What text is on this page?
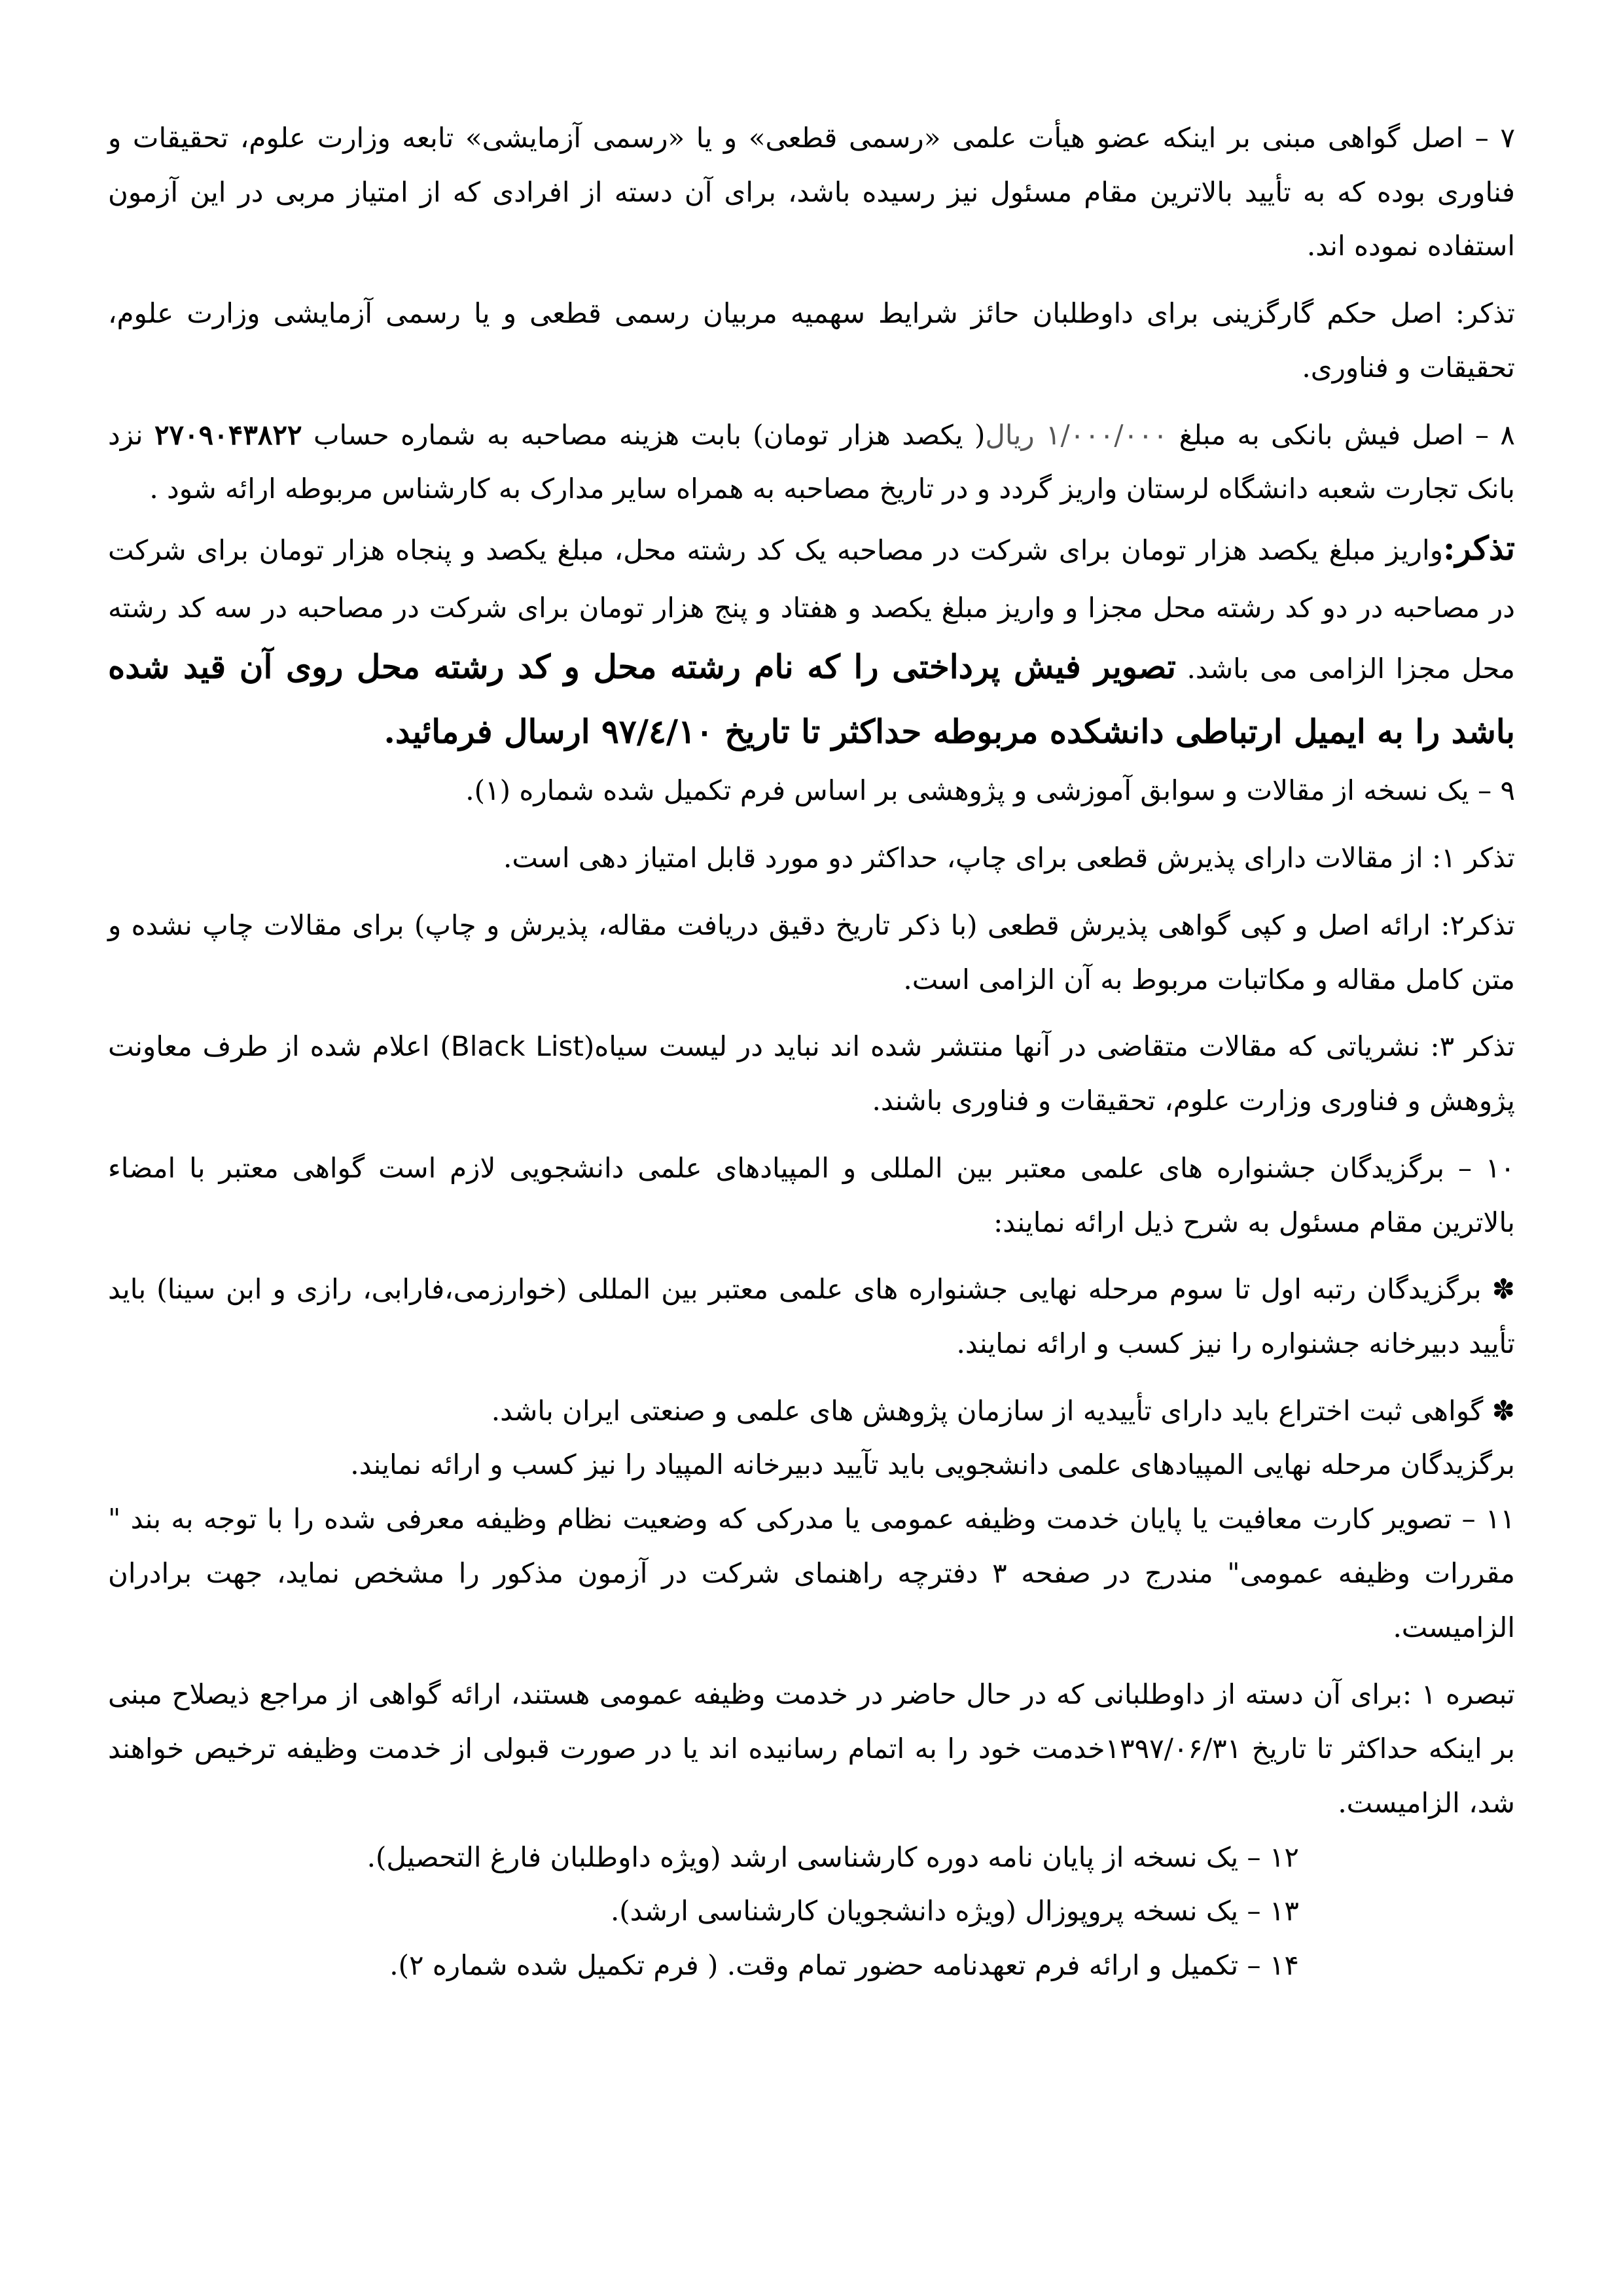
۷ – اصل گواهی مبنی بر اینکه عضو هیأت علمی «رسمی قطعی» و یا «رسمی آزمایشی» تابعه وزارت علوم، تحقیقات و فناوری بوده که به تأیید بالاترین مقام مسئول نیز رسیده باشد، برای آن دسته از افرادی که از امتیاز مربی در این آزمون استفاده نموده اند.

تذکر: اصل حکم گارگزینی برای داوطلبان حائز شرایط سهمیه مربیان رسمی قطعی و یا رسمی آزمایشی وزارت علوم، تحقیقات و فناوری.

۸ – اصل فیش بانکی به مبلغ ۱/۰۰۰/۰۰۰ ریال( یکصد هزار تومان) بابت هزینه مصاحبه به شماره حساب ۲۷۰۹۰۴۳۸۲۲ نزد بانک تجارت شعبه دانشگاه لرستان واریز گردد و در تاریخ مصاحبه به همراه سایر مدارک به کارشناس مربوطه ارائه شود .

تذکر:واریز مبلغ یکصد هزار تومان برای شرکت در مصاحبه یک کد رشته محل، مبلغ یکصد و پنجاه هزار تومان برای شرکت در مصاحبه در دو کد رشته محل مجزا و واریز مبلغ یکصد و هفتاد و پنج هزار تومان برای شرکت در مصاحبه در سه کد رشته محل مجزا الزامی می باشد. تصویر فیش پرداختی را که نام رشته محل و کد رشته محل روی آن قید شده باشد را به ایمیل ارتباطی دانشکده مربوطه حداکثر تا تاریخ ۹۷/٤/۱۰ ارسال فرمائید.

۹ – یک نسخه از مقالات و سوابق آموزشی و پژوهشی بر اساس فرم تکمیل شده شماره (۱).

تذکر ۱: از مقالات دارای پذیرش قطعی برای چاپ، حداکثر دو مورد قابل امتیاز دهی است.

تذکر۲: ارائه اصل و کپی گواهی پذیرش قطعی (با ذکر تاریخ دقیق دریافت مقاله، پذیرش و چاپ) برای مقالات چاپ نشده و متن کامل مقاله و مکاتبات مربوط به آن الزامی است.

تذکر ۳: نشریاتی که مقالات متقاضی در آنها منتشر شده اند نباید در لیست سیاه(Black List) اعلام شده از طرف معاونت پژوهش و فناوری وزارت علوم، تحقیقات و فناوری باشند.

۱۰ – برگزیدگان جشنواره های علمی معتبر بین المللی و المپیادهای علمی دانشجویی لازم است گواهی معتبر با امضاء بالاترین مقام مسئول به شرح ذیل ارائه نمایند:

✽ برگزیدگان رتبه اول تا سوم مرحله نهایی جشنواره های علمی معتبر بین المللی (خوارزمی،فارابی، رازی و ابن سینا) باید تأیید دبیرخانه جشنواره را نیز کسب و ارائه نمایند.

✽ گواهی ثبت اختراع باید دارای تأییدیه از سازمان پژوهش های علمی و صنعتی ایران باشد.

برگزیدگان مرحله نهایی المپیادهای علمی دانشجویی باید تآیید دبیرخانه المپیاد را نیز کسب و ارائه نمایند.

۱۱ – تصویر کارت معافیت یا پایان خدمت وظیفه عمومی یا مدرکی که وضعیت نظام وظیفه معرفی شده را با توجه به بند " مقررات وظیفه عمومی" مندرج در صفحه ۳ دفترچه راهنمای شرکت در آزمون مذکور را مشخص نماید، جهت برادران الزامیست.

تبصره ۱ :برای آن دسته از داوطلبانی که در حال حاضر در خدمت وظیفه عمومی هستند، ارائه گواهی از مراجع ذیصلاح مبنی بر اینکه حداکثر تا تاریخ ۱۳۹۷/۰۶/۳۱خدمت خود را به اتمام رسانیده اند یا در صورت قبولی از خدمت وظیفه ترخیص خواهند شد، الزامیست.

۱۲ – یک نسخه از پایان نامه دوره کارشناسی ارشد (ویژه داوطلبان فارغ التحصیل).

۱۳ – یک نسخه پروپوزال (ویژه دانشجویان کارشناسی ارشد).

۱۴ – تکمیل و ارائه فرم تعهدنامه حضور تمام وقت. ( فرم تکمیل شده شماره ۲).
